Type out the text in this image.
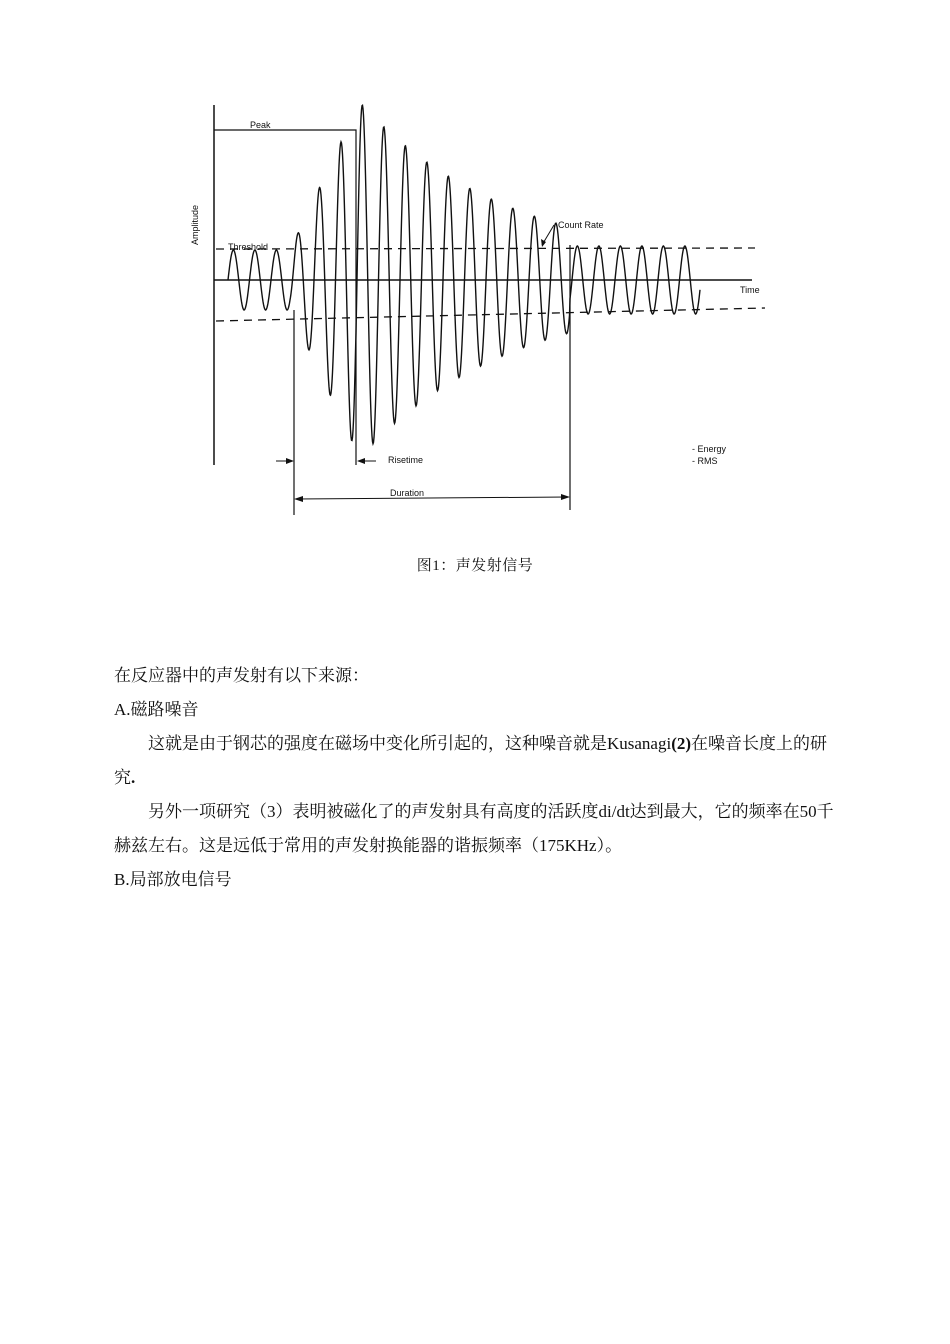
Peak
Amplitude
Threshold
Time
Count Rate
Risetime
Duration
- Energy
- RMS
图1：声发射信号

在反应器中的声发射有以下来源：

A.磁路噪音

这就是由于钢芯的强度在磁场中变化所引起的，这种噪音就是Kusanagi(2)在噪音长度上的研究.

另外一项研究（3）表明被磁化了的声发射具有高度的活跃度di/dt达到最大，它的频率在50千赫兹左右。这是远低于常用的声发射换能器的谐振频率（175KHz）。

B.局部放电信号
